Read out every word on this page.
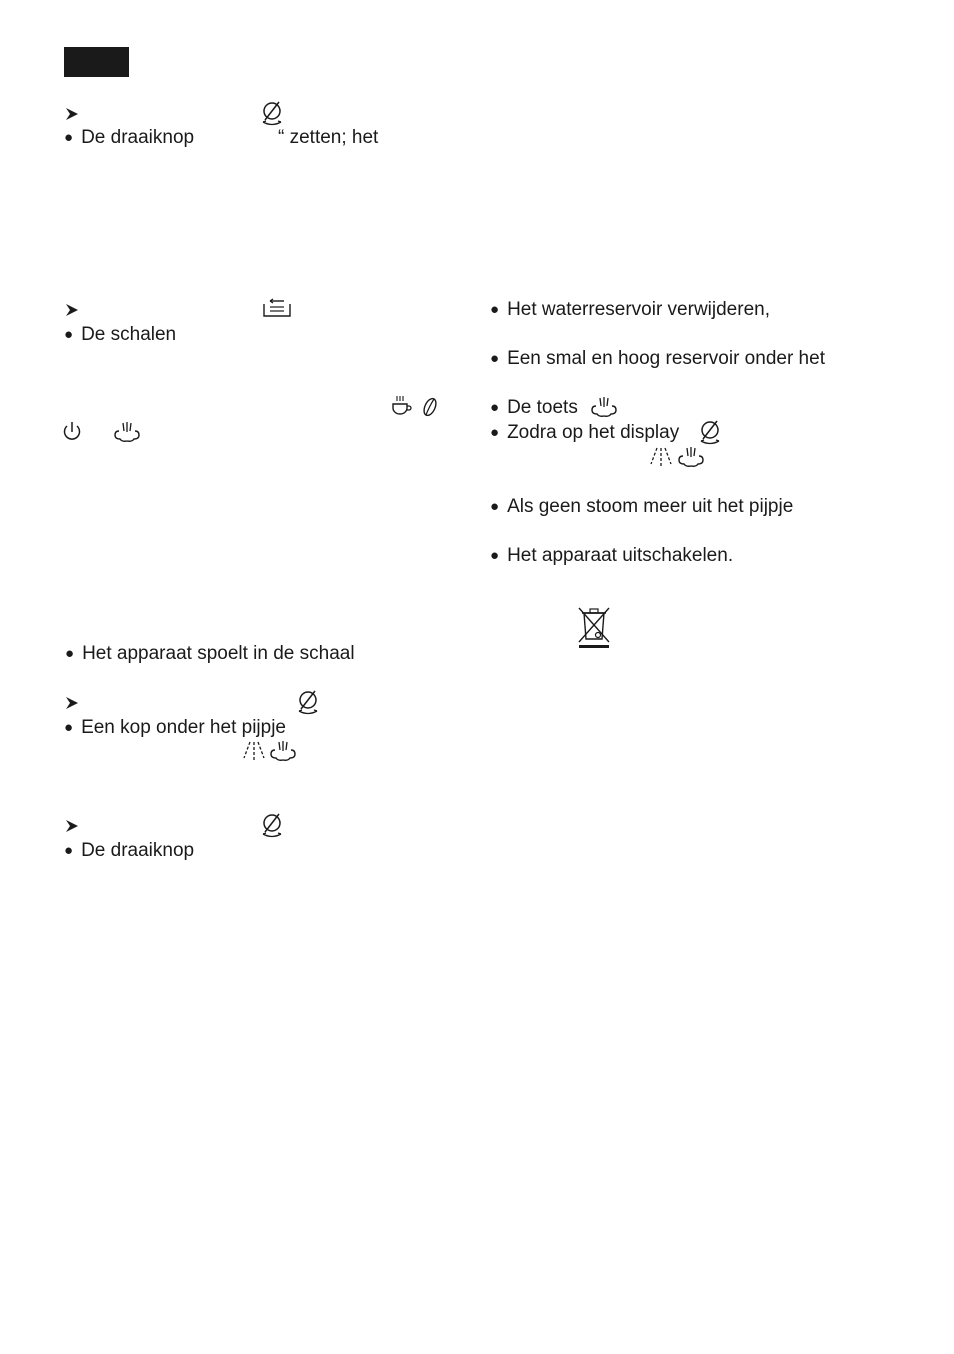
● De draaiknop	“ zetten; het
● De schalen
● Het apparaat spoelt in de schaal
● Een kop onder het pijpje
● De draaiknop
● Het waterreservoir verwijderen,
● Een smal en hoog reservoir onder het
● De toets
● Zodra op het display
● Als geen stoom meer uit het pijpje
● Het apparaat uitschakelen.
